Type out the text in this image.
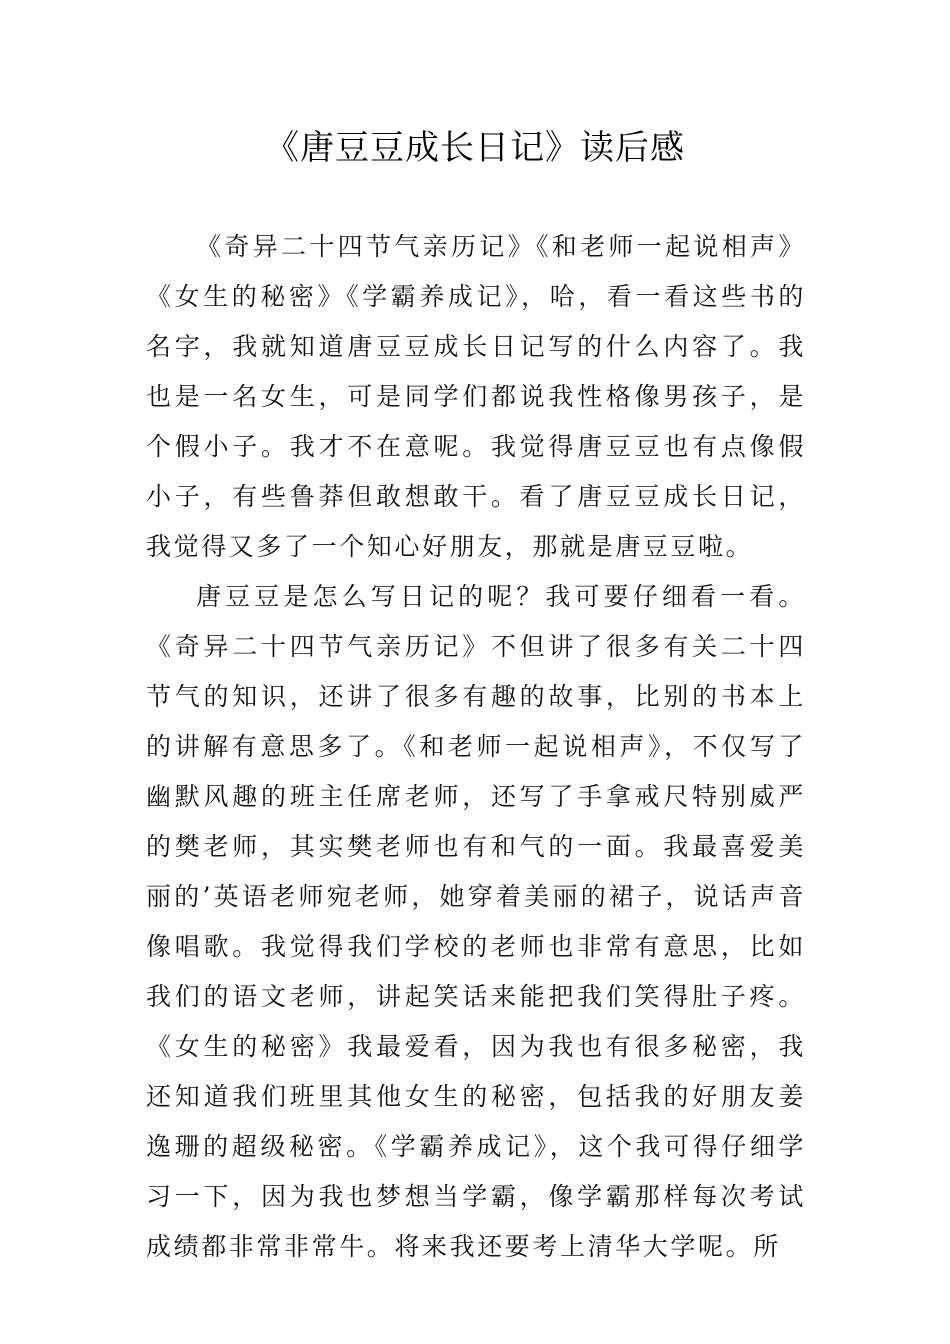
《唐豆豆成长日记》读后感

《奇异二十四节气亲历记》《和老师一起说相声》《女生的秘密》《学霸养成记》，哈，看一看这些书的名字，我就知道唐豆豆成长日记写的什么内容了。我也是一名女生，可是同学们都说我性格像男孩子，是个假小子。我才不在意呢。我觉得唐豆豆也有点像假小子，有些鲁莽但敢想敢干。看了唐豆豆成长日记，我觉得又多了一个知心好朋友，那就是唐豆豆啦。

唐豆豆是怎么写日记的呢？我可要仔细看一看。《奇异二十四节气亲历记》不但讲了很多有关二十四节气的知识，还讲了很多有趣的故事，比别的书本上的讲解有意思多了。《和老师一起说相声》，不仅写了幽默风趣的班主任席老师，还写了手拿戒尺特别威严的樊老师，其实樊老师也有和气的一面。我最喜爱美丽的’英语老师宛老师，她穿着美丽的裙子，说话声音像唱歌。我觉得我们学校的老师也非常有意思，比如我们的语文老师，讲起笑话来能把我们笑得肚子疼。《女生的秘密》我最爱看，因为我也有很多秘密，我还知道我们班里其他女生的秘密，包括我的好朋友姜逸珊的超级秘密。《学霸养成记》，这个我可得仔细学习一下，因为我也梦想当学霸，像学霸那样每次考试成绩都非常非常牛。将来我还要考上清华大学呢。所
